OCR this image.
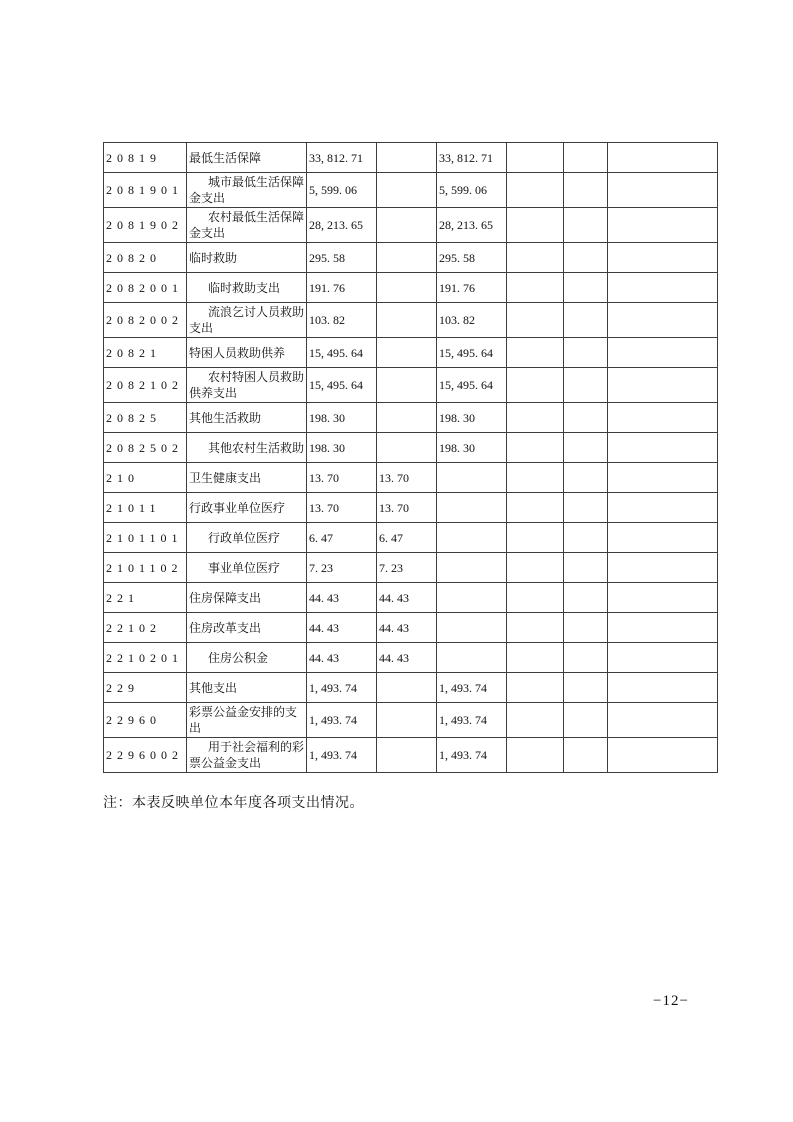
20819	最低生活保障	33, 812. 71		33, 812. 71			
2081901	城市最低生活保障金支出	5, 599. 06		5, 599. 06			
2081902	农村最低生活保障金支出	28, 213. 65		28, 213. 65			
20820	临时救助	295. 58		295. 58			
2082001	临时救助支出	191. 76		191. 76			
2082002	流浪乞讨人员救助支出	103. 82		103. 82			
20821	特困人员救助供养	15, 495. 64		15, 495. 64			
2082102	农村特困人员救助供养支出	15, 495. 64		15, 495. 64			
20825	其他生活救助	198. 30		198. 30			
2082502	其他农村生活救助	198. 30		198. 30			
210	卫生健康支出	13. 70	13. 70				
21011	行政事业单位医疗	13. 70	13. 70				
2101101	行政单位医疗	6. 47	6. 47				
2101102	事业单位医疗	7. 23	7. 23				
221	住房保障支出	44. 43	44. 43				
22102	住房改革支出	44. 43	44. 43				
2210201	住房公积金	44. 43	44. 43				
229	其他支出	1, 493. 74		1, 493. 74			
22960	彩票公益金安排的支出	1, 493. 74		1, 493. 74			
2296002	用于社会福利的彩票公益金支出	1, 493. 74		1, 493. 74			
注：本表反映单位本年度各项支出情况。
−12−
